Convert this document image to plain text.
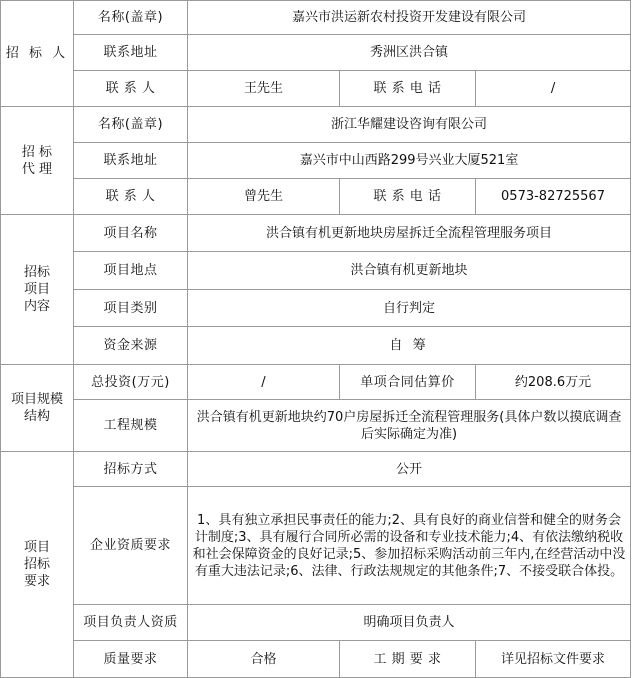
招 标 人	名称(盖章)	嘉兴市洪运新农村投资开发建设有限公司		
	联系地址	秀洲区洪合镇		
	联 系 人	王先生	联 系 电 话	/

招 标
代 理	名称(盖章)	浙江华耀建设咨询有限公司		
	联系地址	嘉兴市中山西路299号兴业大厦521室		
	联 系 人	曾先生	联 系 电 话	0573-82725567

招标
项目
内容	项目名称	洪合镇有机更新地块房屋拆迁全流程管理服务项目		
	项目地点	洪合镇有机更新地块		
	项目类别	自行判定		
	资金来源	自 筹		

项目规模
结构	总投资(万元)	/	单项合同估算价	约208.6万元
	工程规模	洪合镇有机更新地块约70户房屋拆迁全流程管理服务(具体户数以摸底调查后实际确定为准)		

项目
招标
要求	招标方式	公开		
	企业资质要求	1、具有独立承担民事责任的能力;2、具有良好的商业信誉和健全的财务会计制度;3、具有履行合同所必需的设备和专业技术能力;4、有依法缴纳税收和社会保障资金的良好记录;5、参加招标采购活动前三年内,在经营活动中没有重大违法记录;6、法律、行政法规规定的其他条件;7、不接受联合体投。		
	项目负责人资质	明确项目负责人		
	质量要求	合格	工 期 要 求	详见招标文件要求
